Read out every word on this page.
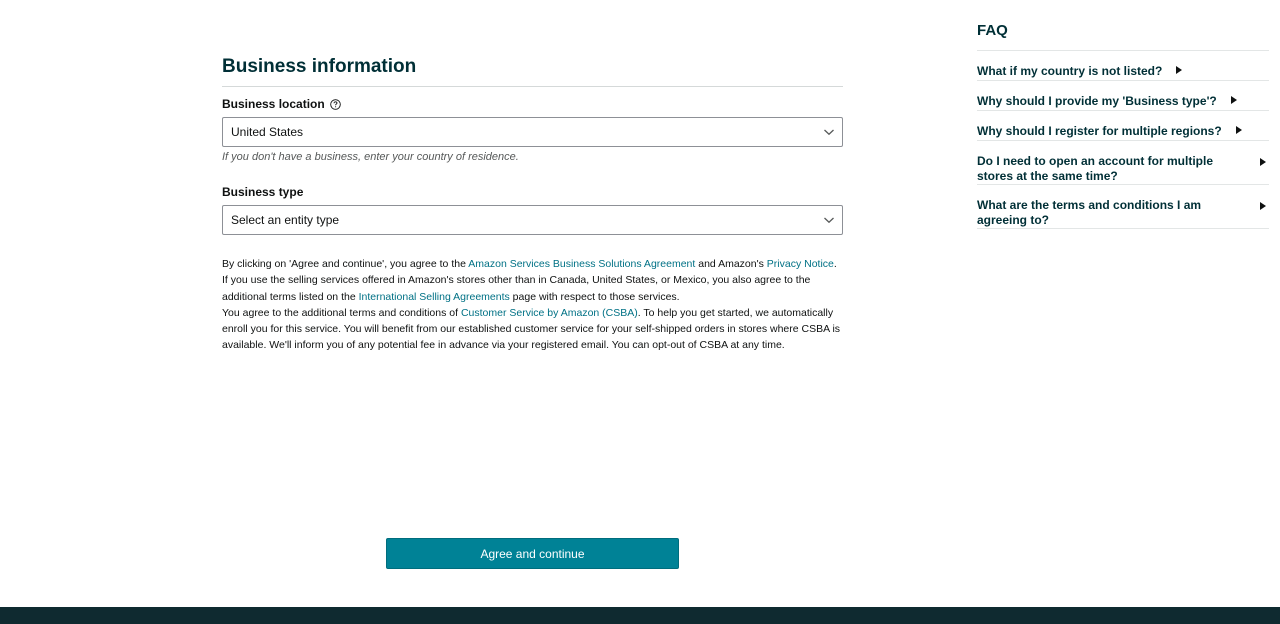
Business information
Business location
United States
If you don't have a business, enter your country of residence.
Business type
Select an entity type

By clicking on 'Agree and continue', you agree to the Amazon Services Business Solutions Agreement and Amazon's Privacy Notice.

If you use the selling services offered in Amazon's stores other than in Canada, United States, or Mexico, you also agree to the additional terms listed on the International Selling Agreements page with respect to those services.

You agree to the additional terms and conditions of Customer Service by Amazon (CSBA). To help you get started, we automatically enroll you for this service. You will benefit from our established customer service for your self-shipped orders in stores where CSBA is available. We'll inform you of any potential fee in advance via your registered email. You can opt-out of CSBA at any time.

Agree and continue
FAQ
What if my country is not listed?
Why should I provide my 'Business type'?
Why should I register for multiple regions?
Do I need to open an account for multiple stores at the same time?
What are the terms and conditions I am agreeing to?
